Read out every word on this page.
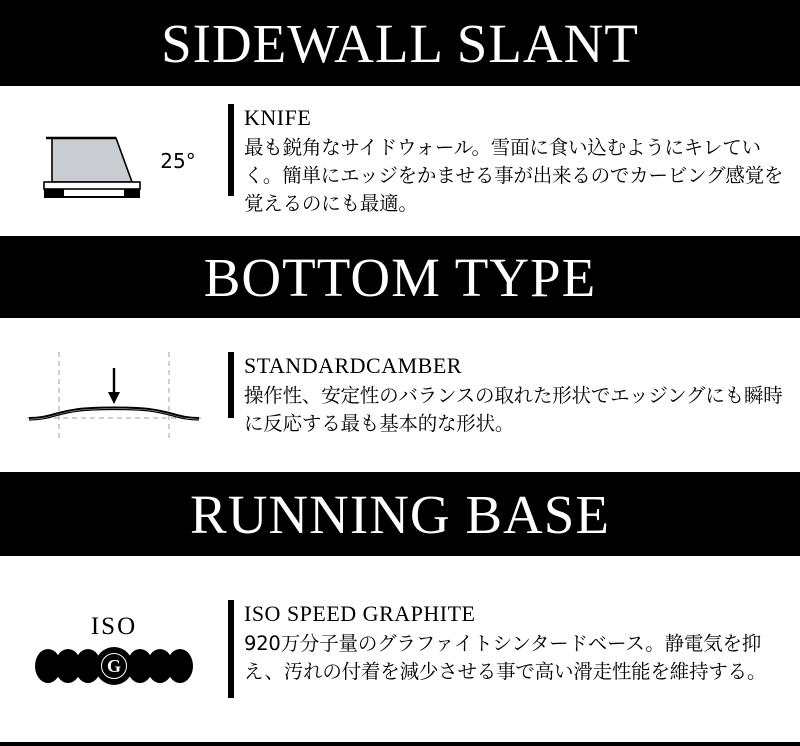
SIDEWALL SLANT
25°
KNIFE
最も鋭角なサイドウォール。雪面に食い込むようにキレていく。簡単にエッジをかませる事が出来るのでカービング感覚を覚えるのにも最適。
BOTTOM TYPE
STANDARDCAMBER
操作性、安定性のバランスの取れた形状でエッジングにも瞬時に反応する最も基本的な形状。
RUNNING BASE
ISO
G
ISO SPEED GRAPHITE
920万分子量のグラファイトシンタードベース。静電気を抑え、汚れの付着を減少させる事で高い滑走性能を維持する。
